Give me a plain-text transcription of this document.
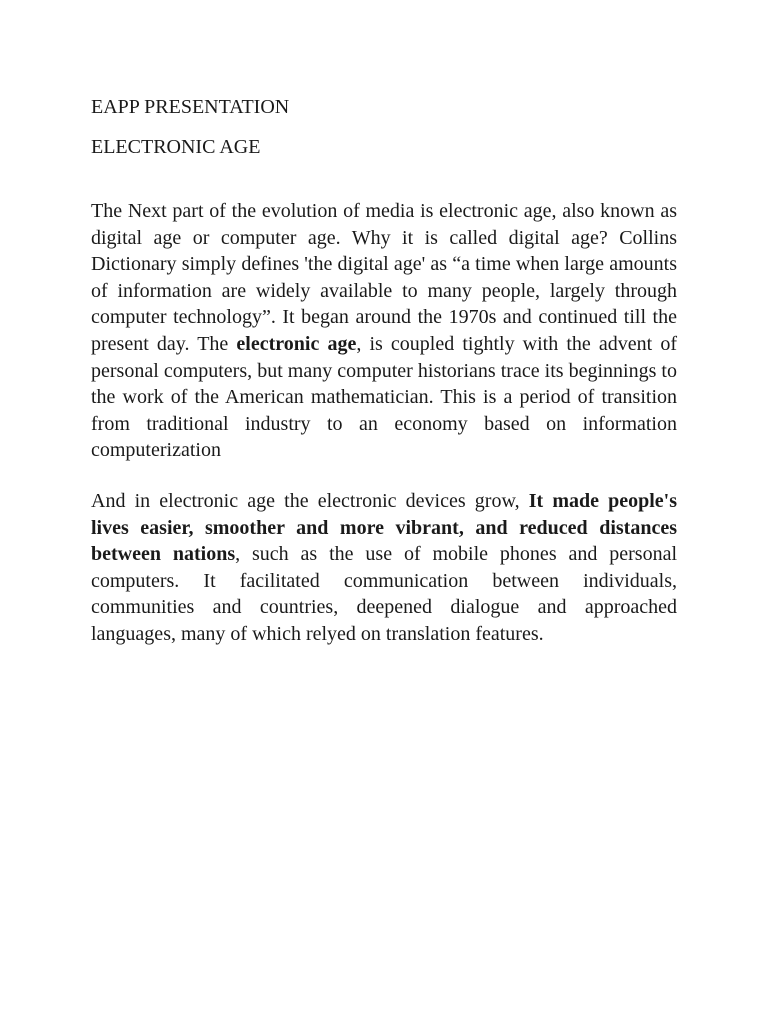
EAPP PRESENTATION
ELECTRONIC AGE

The Next part of the evolution of media is electronic age, also known as digital age or computer age. Why it is called digital age? Collins Dictionary simply defines 'the digital age' as “a time when large amounts of information are widely available to many people, largely through computer technology”. It began around the 1970s and continued till the present day. The electronic age, is coupled tightly with the advent of personal computers, but many computer historians trace its beginnings to the work of the American mathematician. This is a period of transition from traditional industry to an economy based on information computerization

And in electronic age the electronic devices grow, It made people's lives easier, smoother and more vibrant, and reduced distances between nations, such as the use of mobile phones and personal computers. It facilitated communication between individuals, communities and countries, deepened dialogue and approached languages, many of which relyed on translation features.
